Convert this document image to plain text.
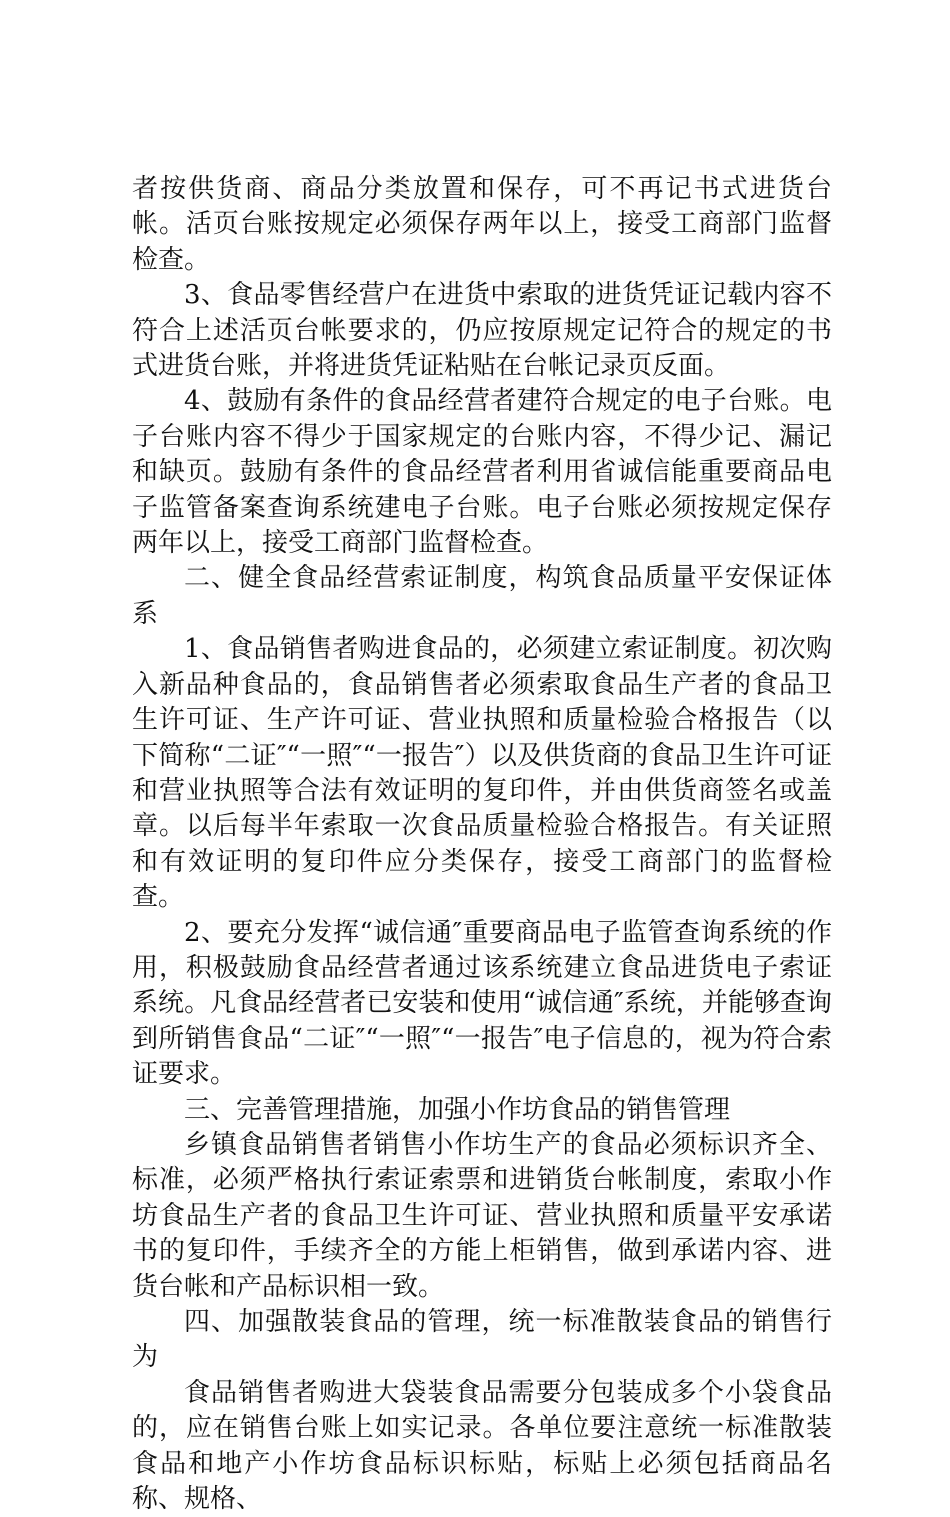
者按供货商、商品分类放置和保存，可不再记书式进货台帐。活页台账按规定必须保存两年以上，接受工商部门监督检查。

3、食品零售经营户在进货中索取的进货凭证记载内容不符合上述活页台帐要求的，仍应按原规定记符合的规定的书式进货台账，并将进货凭证粘贴在台帐记录页反面。

4、鼓励有条件的食品经营者建符合规定的电子台账。电子台账内容不得少于国家规定的台账内容，不得少记、漏记和缺页。鼓励有条件的食品经营者利用省诚信能重要商品电子监管备案查询系统建电子台账。电子台账必须按规定保存两年以上，接受工商部门监督检查。

二、健全食品经营索证制度，构筑食品质量平安保证体系

1、食品销售者购进食品的，必须建立索证制度。初次购入新品种食品的，食品销售者必须索取食品生产者的食品卫生许可证、生产许可证、营业执照和质量检验合格报告（以下简称“二证″“一照″“一报告″）以及供货商的食品卫生许可证和营业执照等合法有效证明的复印件，并由供货商签名或盖章。以后每半年索取一次食品质量检验合格报告。有关证照和有效证明的复印件应分类保存，接受工商部门的监督检查。

2、要充分发挥“诚信通″重要商品电子监管查询系统的作用，积极鼓励食品经营者通过该系统建立食品进货电子索证系统。凡食品经营者已安装和使用“诚信通″系统，并能够查询到所销售食品“二证″“一照″“一报告″电子信息的，视为符合索证要求。

三、完善管理措施，加强小作坊食品的销售管理

乡镇食品销售者销售小作坊生产的食品必须标识齐全、标准，必须严格执行索证索票和进销货台帐制度，索取小作坊食品生产者的食品卫生许可证、营业执照和质量平安承诺书的复印件，手续齐全的方能上柜销售，做到承诺内容、进货台帐和产品标识相一致。

四、加强散装食品的管理，统一标准散装食品的销售行为

食品销售者购进大袋装食品需要分包装成多个小袋食品的，应在销售台账上如实记录。各单位要注意统一标准散装食品和地产小作坊食品标识标贴，标贴上必须包括商品名称、规格、
